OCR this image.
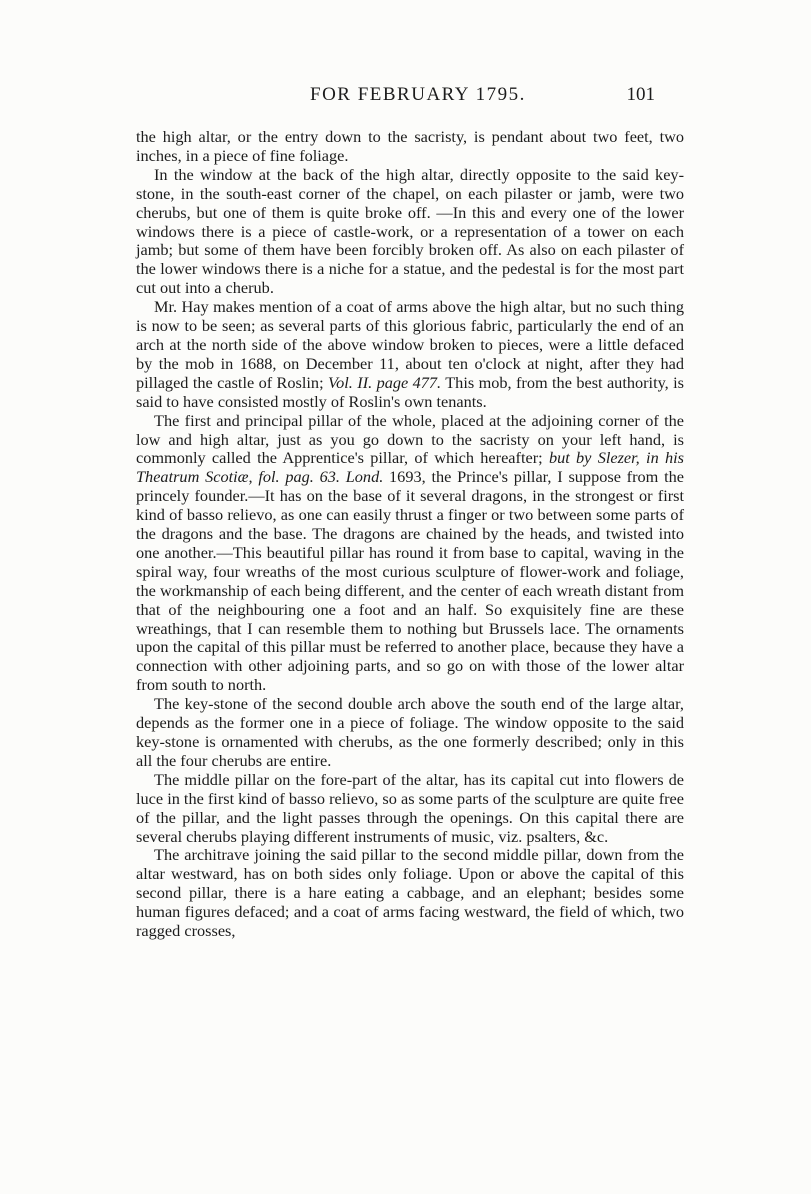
FOR FEBRUARY 1795.	101

the high altar, or the entry down to the sacristy, is pendant about two feet, two inches, in a piece of fine foliage.

In the window at the back of the high altar, directly opposite to the said key-stone, in the south-east corner of the chapel, on each pilaster or jamb, were two cherubs, but one of them is quite broke off. —In this and every one of the lower windows there is a piece of castle-work, or a representation of a tower on each jamb; but some of them have been forcibly broken off. As also on each pilaster of the lower windows there is a niche for a statue, and the pedestal is for the most part cut out into a cherub.

Mr. Hay makes mention of a coat of arms above the high altar, but no such thing is now to be seen; as several parts of this glorious fabric, particularly the end of an arch at the north side of the above window broken to pieces, were a little defaced by the mob in 1688, on December 11, about ten o'clock at night, after they had pillaged the castle of Roslin; Vol. II. page 477. This mob, from the best authority, is said to have consisted mostly of Roslin's own tenants.

The first and principal pillar of the whole, placed at the adjoining corner of the low and high altar, just as you go down to the sacristy on your left hand, is commonly called the Apprentice's pillar, of which hereafter; but by Slezer, in his Theatrum Scotiæ, fol. pag. 63. Lond. 1693, the Prince's pillar, I suppose from the princely founder.—It has on the base of it several dragons, in the strongest or first kind of basso relievo, as one can easily thrust a finger or two between some parts of the dragons and the base. The dragons are chained by the heads, and twisted into one another.—This beautiful pillar has round it from base to capital, waving in the spiral way, four wreaths of the most curious sculpture of flower-work and foliage, the workmanship of each being different, and the center of each wreath distant from that of the neighbouring one a foot and an half. So exquisitely fine are these wreathings, that I can resemble them to nothing but Brussels lace. The ornaments upon the capital of this pillar must be referred to another place, because they have a connection with other adjoining parts, and so go on with those of the lower altar from south to north.

The key-stone of the second double arch above the south end of the large altar, depends as the former one in a piece of foliage. The window opposite to the said key-stone is ornamented with cherubs, as the one formerly described; only in this all the four cherubs are entire.

The middle pillar on the fore-part of the altar, has its capital cut into flowers de luce in the first kind of basso relievo, so as some parts of the sculpture are quite free of the pillar, and the light passes through the openings. On this capital there are several cherubs playing different instruments of music, viz. psalters, &c.

The architrave joining the said pillar to the second middle pillar, down from the altar westward, has on both sides only foliage. Upon or above the capital of this second pillar, there is a hare eating a cabbage, and an elephant; besides some human figures defaced; and a coat of arms facing westward, the field of which, two ragged crosses,
